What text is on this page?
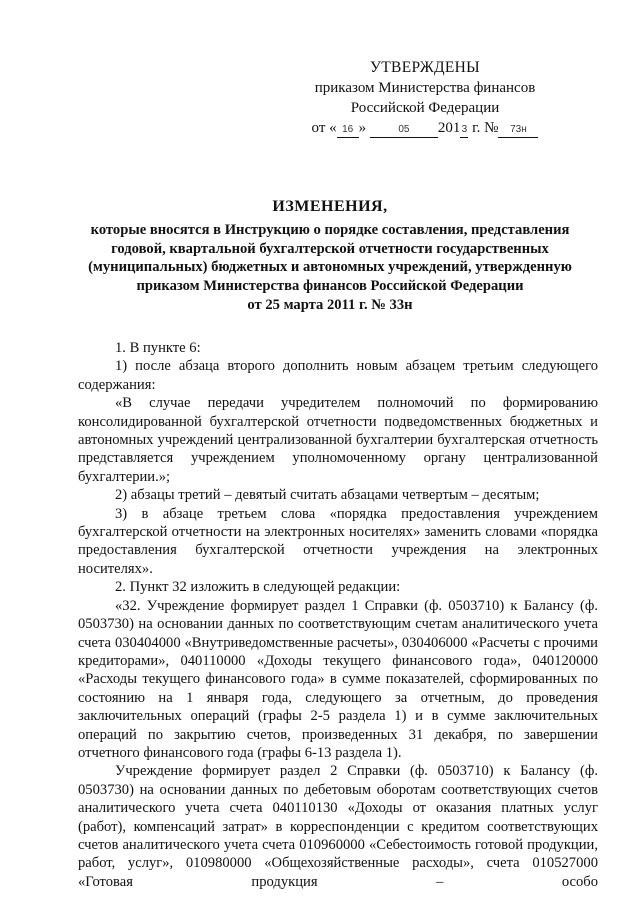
УТВЕРЖДЕНЫ
приказом Министерства финансов
Российской Федерации
от « 16 »	05 2013 г. № 73н
ИЗМЕНЕНИЯ,
которые вносятся в Инструкцию о порядке составления, представления
годовой, квартальной бухгалтерской отчетности государственных
(муниципальных) бюджетных и автономных учреждений, утвержденную
приказом Министерства финансов Российской Федерации
от 25 марта 2011 г. № 33н

1. В пункте 6:

1) после абзаца второго дополнить новым абзацем третьим следующего содержания:

«В случае передачи учредителем полномочий по формированию консолидированной бухгалтерской отчетности подведомственных бюджетных и автономных учреждений централизованной бухгалтерии бухгалтерская отчетность представляется учреждением уполномоченному органу централизованной бухгалтерии.»;

2) абзацы третий – девятый считать абзацами четвертым – десятым;

3) в абзаце третьем слова «порядка предоставления учреждением бухгалтерской отчетности на электронных носителях» заменить словами «порядка предоставления бухгалтерской отчетности учреждения на электронных носителях».

2. Пункт 32 изложить в следующей редакции:

«32. Учреждение формирует раздел 1 Справки (ф. 0503710) к Балансу (ф. 0503730) на основании данных по соответствующим счетам аналитического учета счета 030404000 «Внутриведомственные расчеты», 030406000 «Расчеты с прочими кредиторами», 040110000 «Доходы текущего финансового года», 040120000 «Расходы текущего финансового года» в сумме показателей, сформированных по состоянию на 1 января года, следующего за отчетным, до проведения заключительных операций (графы 2-5 раздела 1) и в сумме заключительных операций по закрытию счетов, произведенных 31 декабря, по завершении отчетного финансового года (графы 6-13 раздела 1).

Учреждение формирует раздел 2 Справки (ф. 0503710) к Балансу (ф. 0503730) на основании данных по дебетовым оборотам соответствующих счетов аналитического учета счета 040110130 «Доходы от оказания платных услуг (работ), компенсаций затрат» в корреспонденции с кредитом соответствующих счетов аналитического учета счета 010960000 «Себестоимость готовой продукции, работ, услуг», 010980000 «Общехозяйственные расходы», счета 010527000 «Готовая продукция – особо
